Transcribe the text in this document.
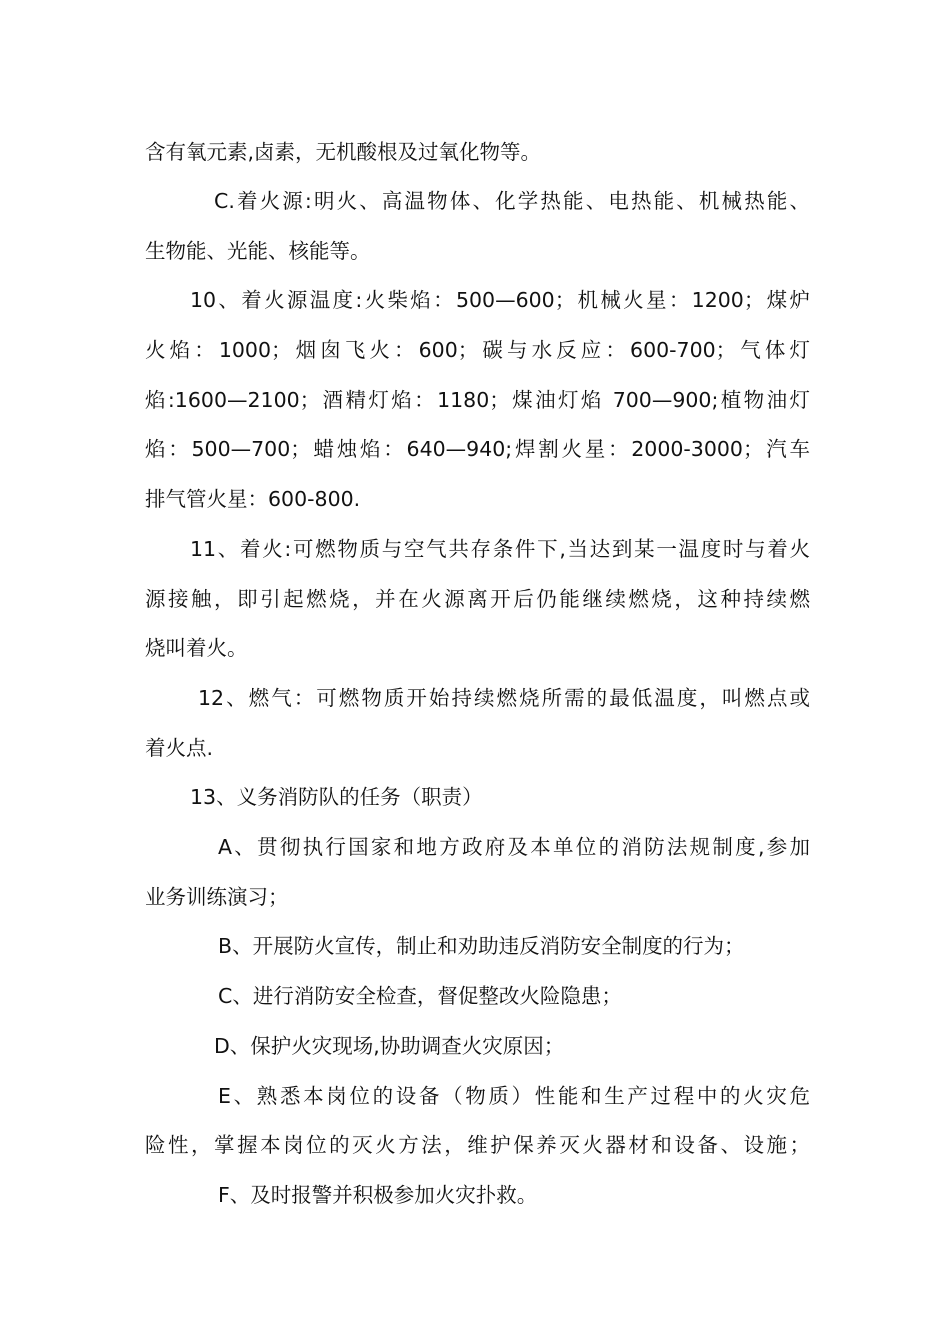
含有氧元素,卤素，无机酸根及过氧化物等。
C.着火源:明火、高温物体、化学热能、电热能、机械热能、
生物能、光能、核能等。
10、着火源温度:火柴焰：500—600；机械火星：1200；煤炉
火焰：1000；烟囱飞火：600；碳与水反应：600-700；气体灯
焰:1600—2100；酒精灯焰：1180；煤油灯焰 700—900;植物油灯
焰：500—700；蜡烛焰：640—940;焊割火星：2000-3000；汽车
排气管火星：600-800.
11、着火:可燃物质与空气共存条件下,当达到某一温度时与着火
源接触，即引起燃烧，并在火源离开后仍能继续燃烧，这种持续燃
烧叫着火。
12、燃气：可燃物质开始持续燃烧所需的最低温度，叫燃点或
着火点.
13、义务消防队的任务（职责）
A、贯彻执行国家和地方政府及本单位的消防法规制度,参加
业务训练演习；
B、开展防火宣传，制止和劝助违反消防安全制度的行为；
C、进行消防安全检查，督促整改火险隐患；
D、保护火灾现场,协助调查火灾原因；
E、熟悉本岗位的设备（物质）性能和生产过程中的火灾危
险性，掌握本岗位的灭火方法，维护保养灭火器材和设备、设施；
F、及时报警并积极参加火灾扑救。
